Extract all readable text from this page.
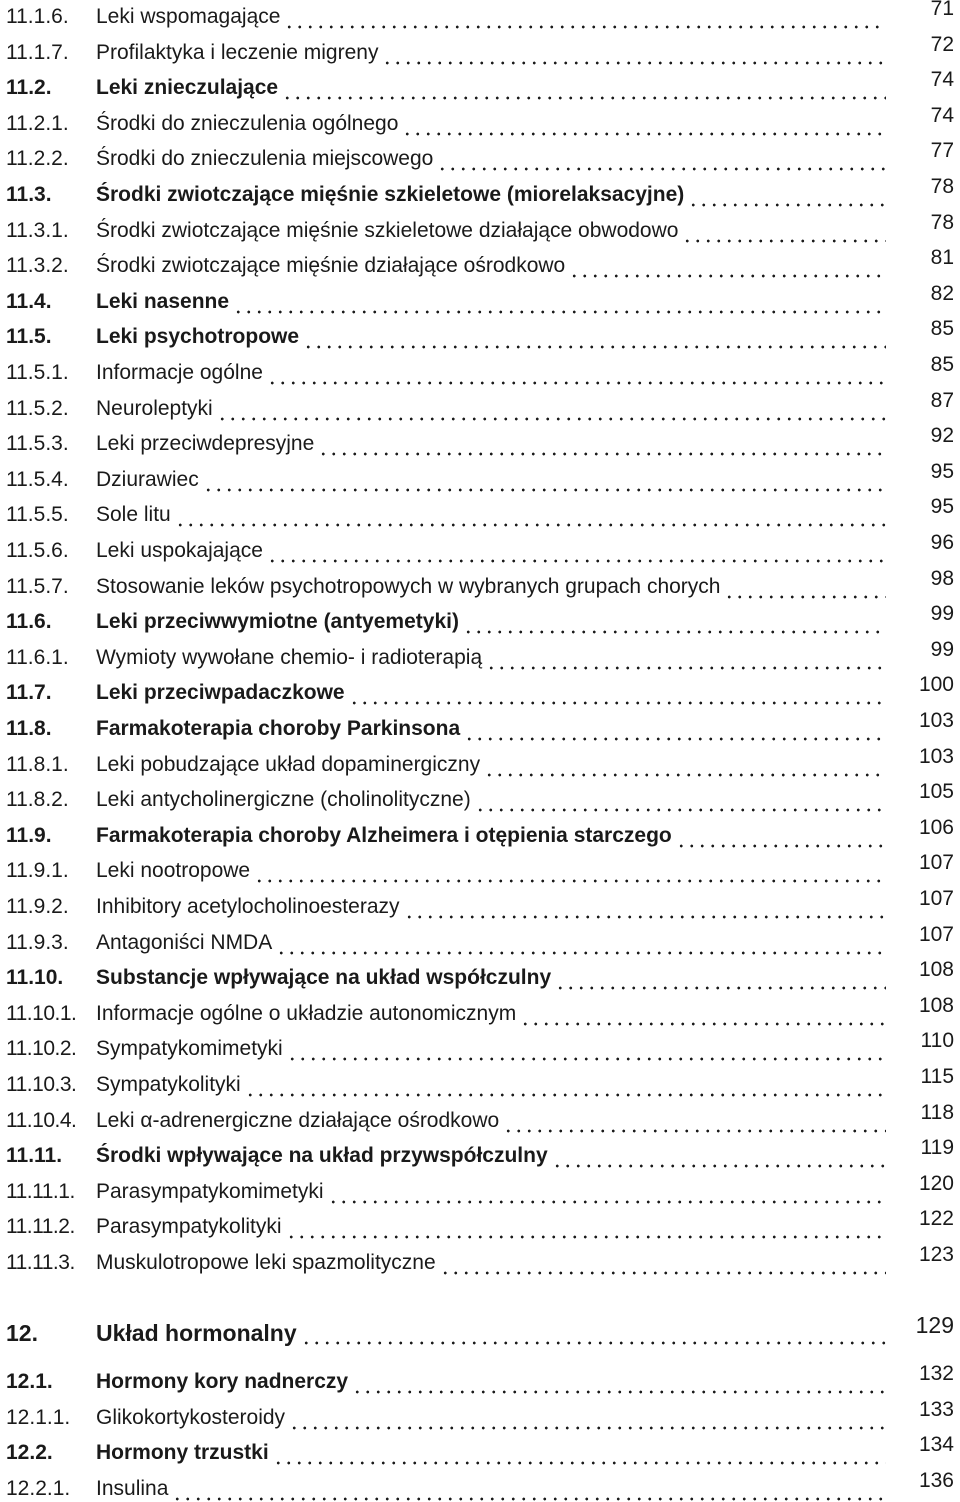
11.1.6.	Leki wspomagające	71
11.1.7.	Profilaktyka i leczenie migreny	72
11.2.	Leki znieczulające	74
11.2.1.	Środki do znieczulenia ogólnego	74
11.2.2.	Środki do znieczulenia miejscowego	77
11.3.	Środki zwiotczające mięśnie szkieletowe (miorelaksacyjne)	78
11.3.1.	Środki zwiotczające mięśnie szkieletowe działające obwodowo	78
11.3.2.	Środki zwiotczające mięśnie działające ośrodkowo	81
11.4.	Leki nasenne	82
11.5.	Leki psychotropowe	85
11.5.1.	Informacje ogólne	85
11.5.2.	Neuroleptyki	87
11.5.3.	Leki przeciwdepresyjne	92
11.5.4.	Dziurawiec	95
11.5.5.	Sole litu	95
11.5.6.	Leki uspokajające	96
11.5.7.	Stosowanie leków psychotropowych w wybranych grupach chorych	98
11.6.	Leki przeciwwymiotne (antyemetyki)	99
11.6.1.	Wymioty wywołane chemio- i radioterapią	99
11.7.	Leki przeciwpadaczkowe	100
11.8.	Farmakoterapia choroby Parkinsona	103
11.8.1.	Leki pobudzające układ dopaminergiczny	103
11.8.2.	Leki antycholinergiczne (cholinolityczne)	105
11.9.	Farmakoterapia choroby Alzheimera i otępienia starczego	106
11.9.1.	Leki nootropowe	107
11.9.2.	Inhibitory acetylocholinoesterazy	107
11.9.3.	Antagoniści NMDA	107
11.10.	Substancje wpływające na układ współczulny	108
11.10.1. Informacje ogólne o układzie autonomicznym	108
11.10.2. Sympatykomimetyki	110
11.10.3. Sympatykolityki	115
11.10.4. Leki α-adrenergiczne działające ośrodkowo	118
11.11.	Środki wpływające na układ przywspółczulny	119
11.11.1.	Parasympatykomimetyki	120
11.11.2.	Parasympatykolityki	122
11.11.3.	Muskulotropowe leki spazmolityczne	123
12.	Układ hormonalny	129
12.1.	Hormony kory nadnerczy	132
12.1.1.	Glikokortykosteroidy	133
12.2.	Hormony trzustki	134
12.2.1.	Insulina	136
